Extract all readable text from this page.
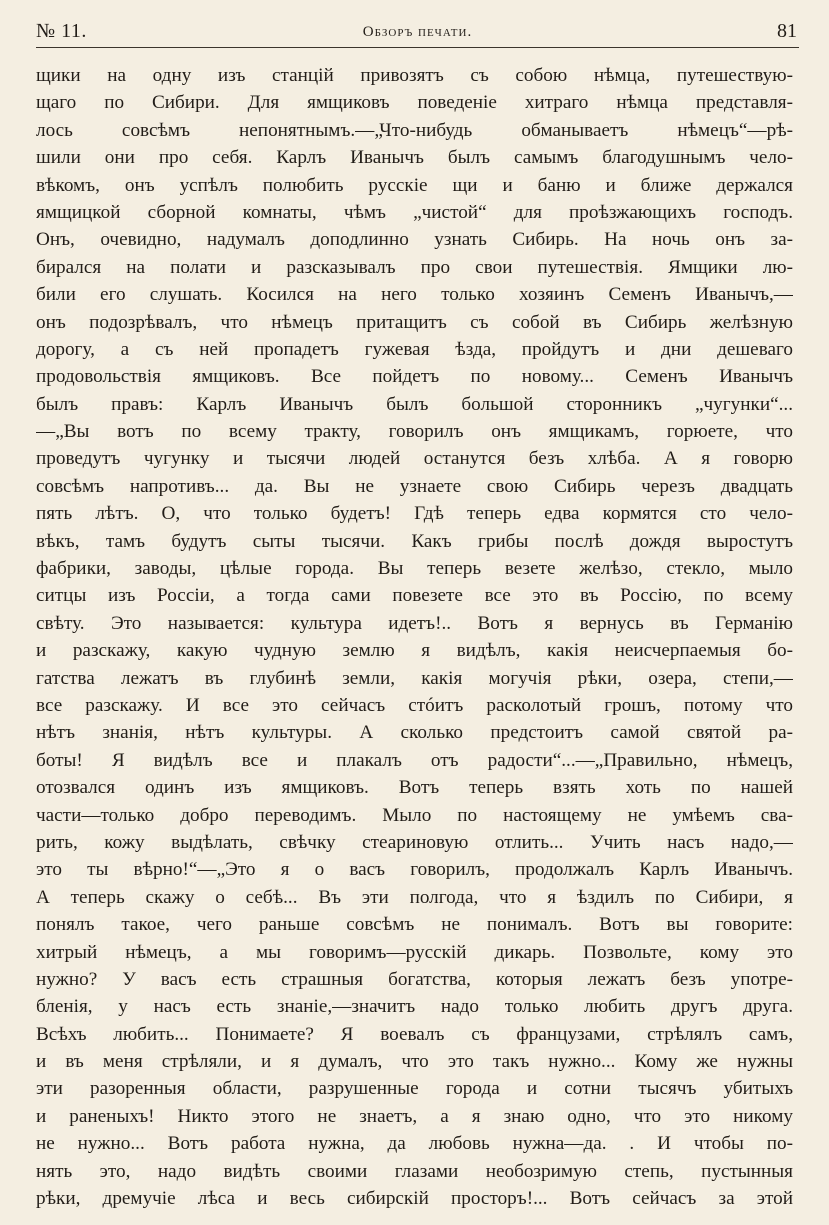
№ 11.	Обзоръ печати.	81
щики на одну изъ станцій привозятъ съ собою нѣмца, путешествую-
щаго по Сибири. Для ямщиковъ поведеніе хитраго нѣмца представля-
лось совсѣмъ непонятнымъ.—„Что-нибудь обманываетъ нѣмецъ“—рѣ-
шили они про себя. Карлъ Иванычъ былъ самымъ благодушнымъ чело-
вѣкомъ, онъ успѣлъ полюбить русскіе щи и баню и ближе держался
ямщицкой сборной комнаты, чѣмъ „чистой“ для проѣзжающихъ господъ.
Онъ, очевидно, надумалъ доподлинно узнать Сибирь. На ночь онъ за-
бирался на полати и разсказывалъ про свои путешествія. Ямщики лю-
били его слушать. Косился на него только хозяинъ Семенъ Иванычъ,—
онъ подозрѣвалъ, что нѣмецъ притащитъ съ собой въ Сибирь желѣзную
дорогу, а съ ней пропадетъ гужевая ѣзда, пройдутъ и дни дешеваго
продовольствія ямщиковъ. Все пойдетъ по новому... Семенъ Иванычъ
былъ правъ: Карлъ Иванычъ былъ большой сторонникъ „чугунки“...
—„Вы вотъ по всему тракту, говорилъ онъ ямщикамъ, горюете, что
проведутъ чугунку и тысячи людей останутся безъ хлѣба. А я говорю
совсѣмъ напротивъ... да. Вы не узнаете свою Сибирь черезъ двадцать
пять лѣтъ. О, что только будетъ! Гдѣ теперь едва кормятся сто чело-
вѣкъ, тамъ будутъ сыты тысячи. Какъ грибы послѣ дождя выростутъ
фабрики, заводы, цѣлые города. Вы теперь везете желѣзо, стекло, мыло
ситцы изъ Россіи, а тогда сами повезете все это въ Россію, по всему
свѣту. Это называется: культура идетъ!.. Вотъ я вернусь въ Германію
и разскажу, какую чудную землю я видѣлъ, какія неисчерпаемыя бо-
гатства лежатъ въ глубинѣ земли, какія могучія рѣки, озера, степи,—
все разскажу. И все это сейчасъ стóитъ расколотый грошъ, потому что
нѣтъ знанія, нѣтъ культуры. А сколько предстоитъ самой святой ра-
боты! Я видѣлъ все и плакалъ отъ радости“...—„Правильно, нѣмецъ,
отозвался одинъ изъ ямщиковъ. Вотъ теперь взять хоть по нашей
части—только добро переводимъ. Мыло по настоящему не умѣемъ сва-
рить, кожу выдѣлать, свѣчку стеариновую отлить... Учить насъ надо,—
это ты вѣрно!“—„Это я о васъ говорилъ, продолжалъ Карлъ Иванычъ.
А теперь скажу о себѣ... Въ эти полгода, что я ѣздилъ по Сибири, я
понялъ такое, чего раньше совсѣмъ не понималъ. Вотъ вы говорите:
хитрый нѣмецъ, а мы говоримъ—русскій дикарь. Позвольте, кому это
нужно? У васъ есть страшныя богатства, которыя лежатъ безъ употре-
бленія, у насъ есть знаніе,—значитъ надо только любить другъ друга.
Всѣхъ любить... Понимаете? Я воевалъ съ французами, стрѣлялъ самъ,
и въ меня стрѣляли, и я думалъ, что это такъ нужно... Кому же нужны
эти разоренныя области, разрушенные города и сотни тысячъ убитыхъ
и раненыхъ! Никто этого не знаетъ, а я знаю одно, что это никому
не нужно... Вотъ работа нужна, да любовь нужна—да. . И чтобы по-
нять это, надо видѣть своими глазами необозримую степь, пустынныя
рѣки, дремучіе лѣса и весь сибирскій просторъ!... Вотъ сейчасъ за этой
